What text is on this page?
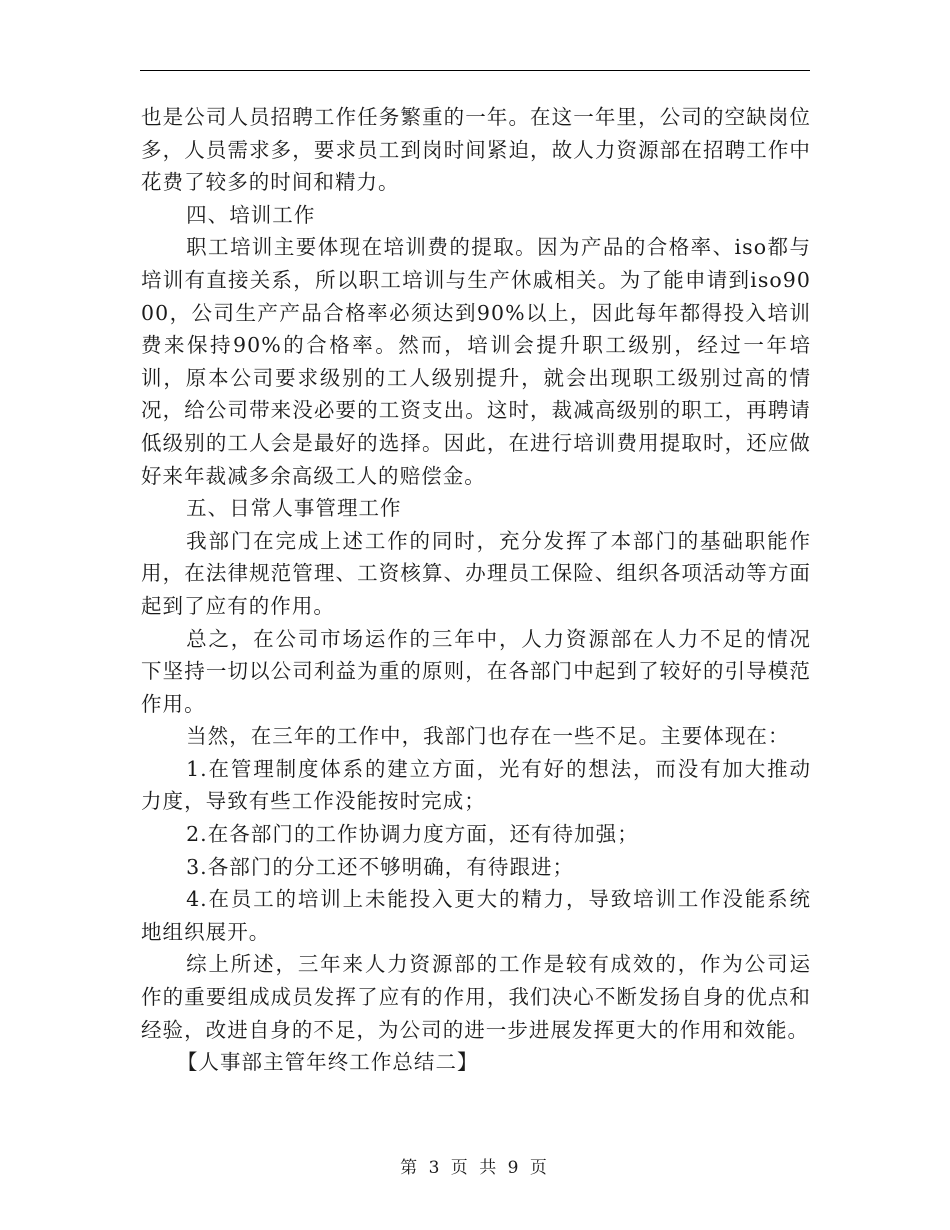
也是公司人员招聘工作任务繁重的一年。在这一年里，公司的空缺岗位多，人员需求多，要求员工到岗时间紧迫，故人力资源部在招聘工作中花费了较多的时间和精力。

四、培训工作

职工培训主要体现在培训费的提取。因为产品的合格率、iso都与培训有直接关系，所以职工培训与生产休戚相关。为了能申请到iso9000，公司生产产品合格率必须达到90%以上，因此每年都得投入培训费来保持90%的合格率。然而，培训会提升职工级别，经过一年培训，原本公司要求级别的工人级别提升，就会出现职工级别过高的情况，给公司带来没必要的工资支出。这时，裁减高级别的职工，再聘请低级别的工人会是最好的选择。因此，在进行培训费用提取时，还应做好来年裁减多余高级工人的赔偿金。

五、日常人事管理工作

我部门在完成上述工作的同时，充分发挥了本部门的基础职能作用，在法律规范管理、工资核算、办理员工保险、组织各项活动等方面起到了应有的作用。

总之，在公司市场运作的三年中，人力资源部在人力不足的情况下坚持一切以公司利益为重的原则，在各部门中起到了较好的引导模范作用。

当然，在三年的工作中，我部门也存在一些不足。主要体现在：

1.在管理制度体系的建立方面，光有好的想法，而没有加大推动力度，导致有些工作没能按时完成；

2.在各部门的工作协调力度方面，还有待加强；

3.各部门的分工还不够明确，有待跟进；

4.在员工的培训上未能投入更大的精力，导致培训工作没能系统地组织展开。

综上所述，三年来人力资源部的工作是较有成效的，作为公司运作的重要组成成员发挥了应有的作用，我们决心不断发扬自身的优点和经验，改进自身的不足，为公司的进一步进展发挥更大的作用和效能。

【人事部主管年终工作总结二】

第 3 页 共 9 页
